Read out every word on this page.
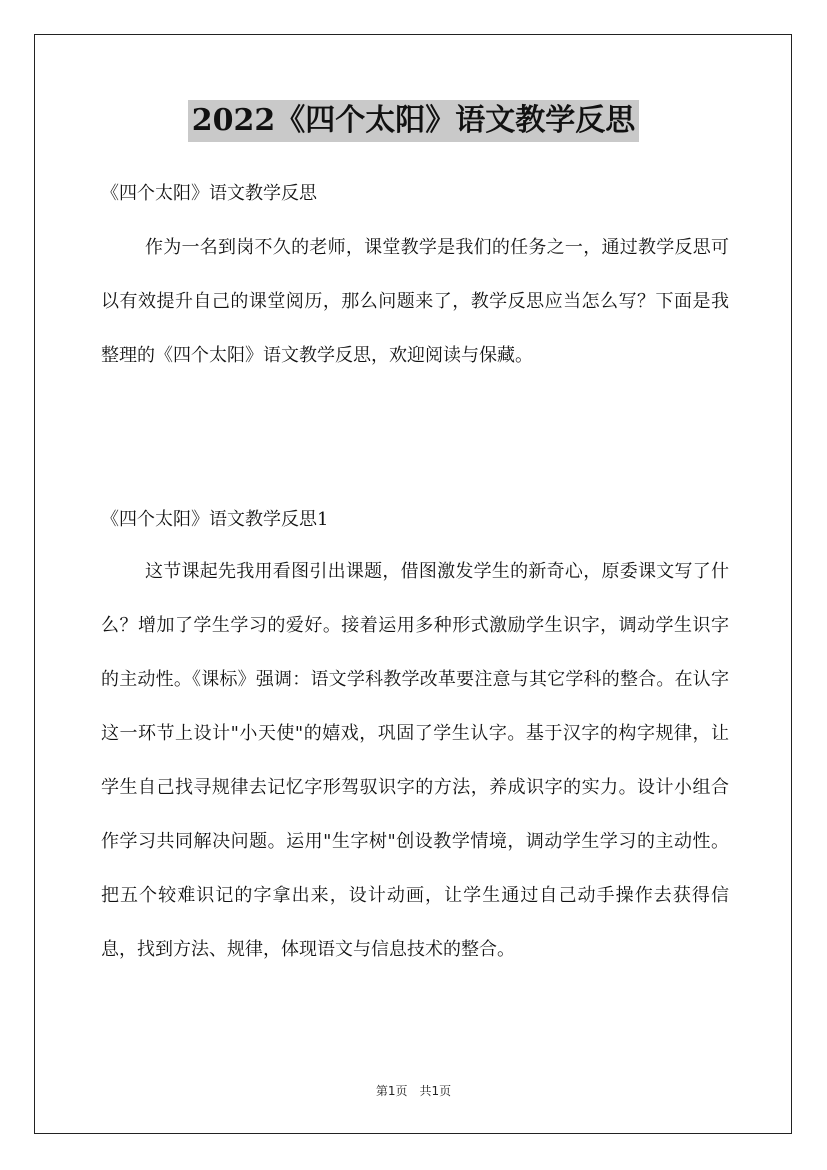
2022《四个太阳》语文教学反思
《四个太阳》语文教学反思

作为一名到岗不久的老师，课堂教学是我们的任务之一，通过教学反思可以有效提升自己的课堂阅历，那么问题来了，教学反思应当怎么写？下面是我整理的《四个太阳》语文教学反思，欢迎阅读与保藏。

《四个太阳》语文教学反思1

这节课起先我用看图引出课题，借图激发学生的新奇心，原委课文写了什么？增加了学生学习的爱好。接着运用多种形式激励学生识字，调动学生识字的主动性。《课标》强调：语文学科教学改革要注意与其它学科的整合。在认字这一环节上设计"小天使"的嬉戏，巩固了学生认字。基于汉字的构字规律，让学生自己找寻规律去记忆字形驾驭识字的方法，养成识字的实力。设计小组合作学习共同解决问题。运用"生字树"创设教学情境，调动学生学习的主动性。把五个较难识记的字拿出来，设计动画，让学生通过自己动手操作去获得信息，找到方法、规律，体现语文与信息技术的整合。

第1页　共1页
